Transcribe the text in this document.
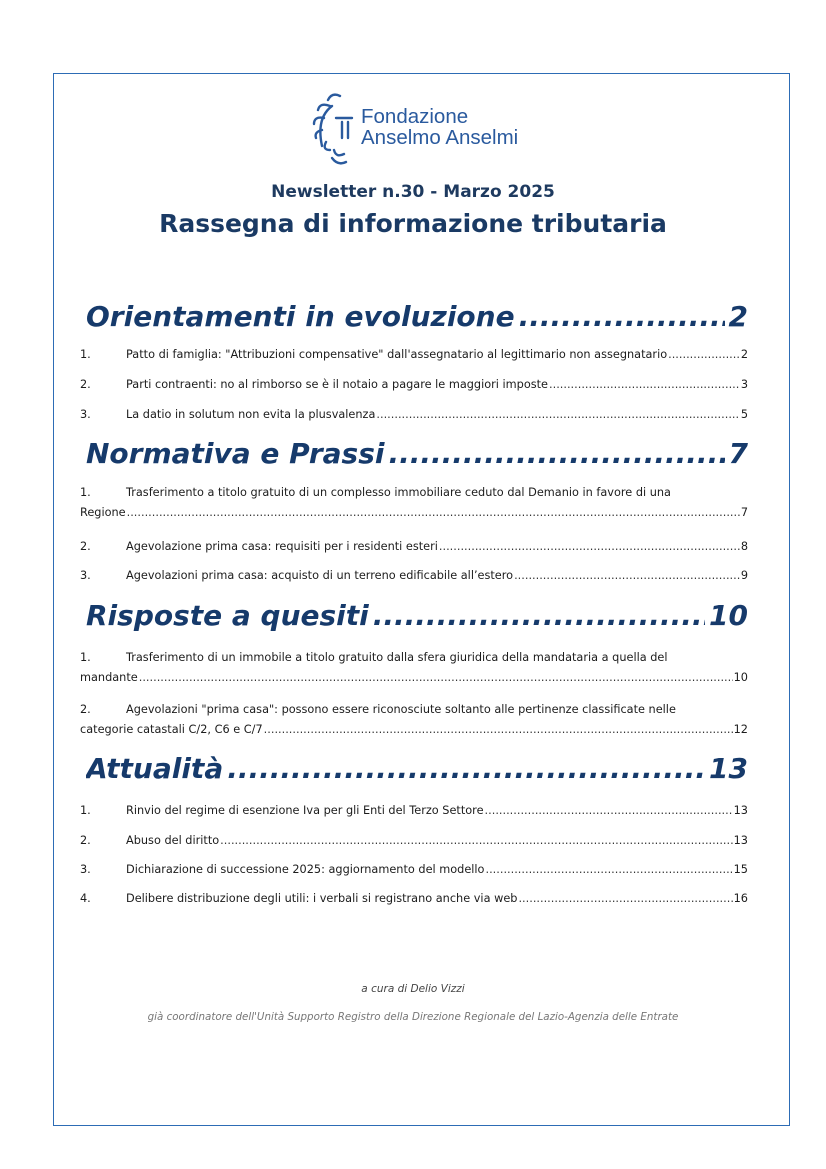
Fondazione
Anselmo Anselmi
Newsletter n.30 - Marzo 2025
Rassegna di informazione tributaria
Orientamenti in evoluzione .....	2
1.	Patto di famiglia: "Attribuzioni compensative" dall'assegnatario al legittimario non assegnatario .....	2
2.	Parti contraenti: no al rimborso se è il notaio a pagare le maggiori imposte .....	3
3.	La datio in solutum non evita la plusvalenza .....	5
Normativa e Prassi .....	7
1.	Trasferimento a titolo gratuito di un complesso immobiliare ceduto dal Demanio in favore di una
Regione .....	7
2.	Agevolazione prima casa: requisiti per i residenti esteri .....	8
3.	Agevolazioni prima casa: acquisto di un terreno edificabile all’estero .....	9
Risposte a quesiti .....	10
1.	Trasferimento di un immobile a titolo gratuito dalla sfera giuridica della mandataria a quella del
mandante .....	10
2.	Agevolazioni "prima casa": possono essere riconosciute soltanto alle pertinenze classificate nelle
categorie catastali C/2, C6 e C/7 .....	12
Attualità .....	13
1.	Rinvio del regime di esenzione Iva per gli Enti del Terzo Settore .....	13
2.	Abuso del diritto .....	13
3.	Dichiarazione di successione 2025: aggiornamento del modello .....	15
4.	Delibere distribuzione degli utili: i verbali si registrano anche via web .....	16
a cura di Delio Vizzi
già coordinatore dell'Unità Supporto Registro della Direzione Regionale del Lazio-Agenzia delle Entrate
